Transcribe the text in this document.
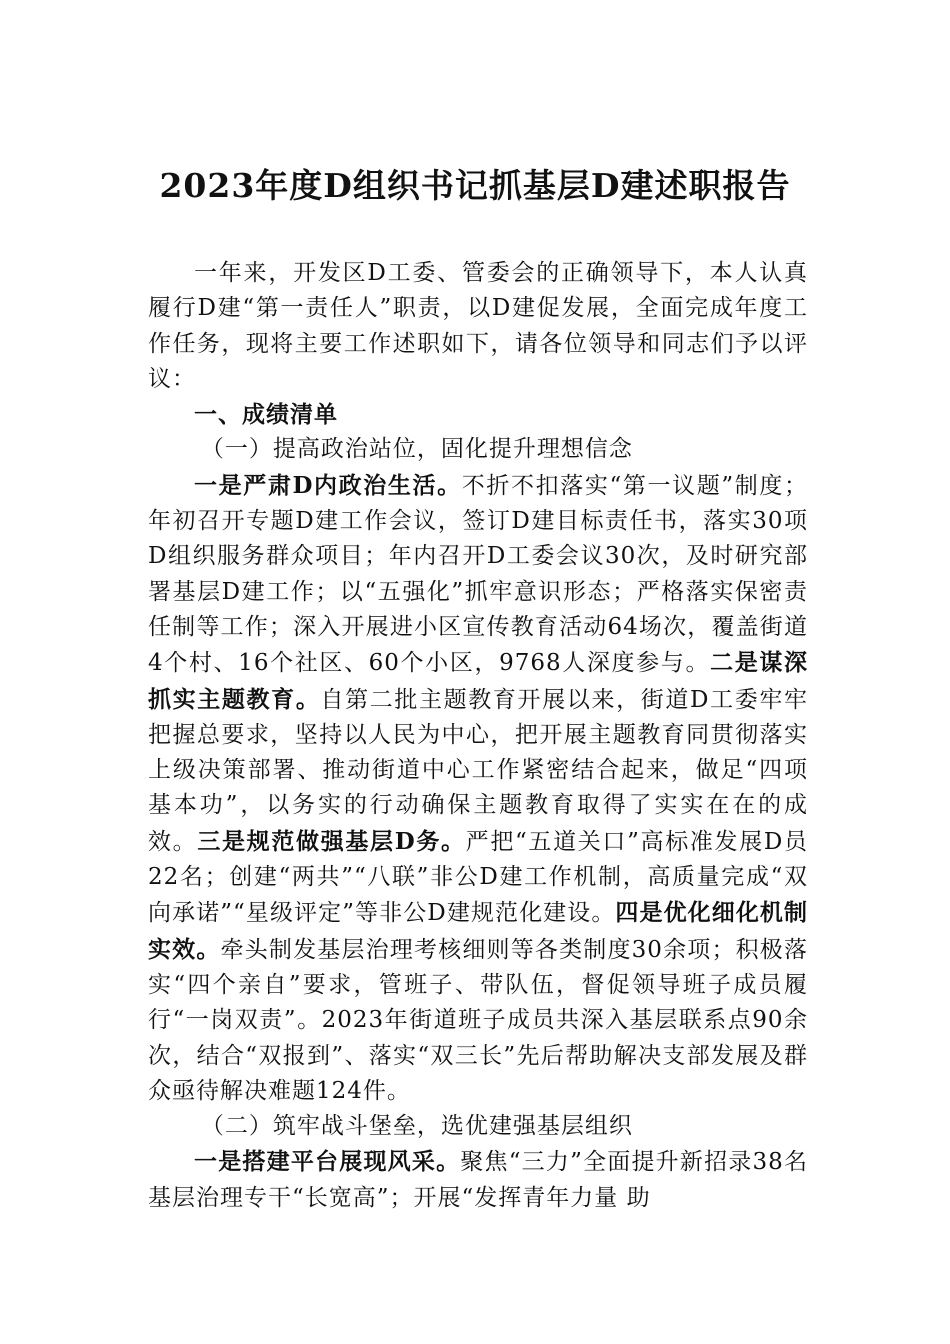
2023年度D组织书记抓基层D建述职报告

一年来，开发区D工委、管委会的正确领导下，本人认真履行D建“第一责任人”职责，以D建促发展，全面完成年度工作任务，现将主要工作述职如下，请各位领导和同志们予以评议：

一、成绩清单

（一）提高政治站位，固化提升理想信念

一是严肃D内政治生活。不折不扣落实“第一议题”制度；年初召开专题D建工作会议，签订D建目标责任书，落实30项D组织服务群众项目；年内召开D工委会议30次，及时研究部署基层D建工作；以“五强化”抓牢意识形态；严格落实保密责任制等工作；深入开展进小区宣传教育活动64场次，覆盖街道4个村、16个社区、60个小区，9768人深度参与。二是谋深抓实主题教育。自第二批主题教育开展以来，街道D工委牢牢把握总要求，坚持以人民为中心，把开展主题教育同贯彻落实上级决策部署、推动街道中心工作紧密结合起来，做足“四项基本功”，以务实的行动确保主题教育取得了实实在在的成效。三是规范做强基层D务。严把“五道关口”高标准发展D员22名；创建“两共”“八联”非公D建工作机制，高质量完成“双向承诺”“星级评定”等非公D建规范化建设。四是优化细化机制实效。牵头制发基层治理考核细则等各类制度30余项；积极落实“四个亲自”要求，管班子、带队伍，督促领导班子成员履行“一岗双责”。2023年街道班子成员共深入基层联系点90余次，结合“双报到”、落实“双三长”先后帮助解决支部发展及群众亟待解决难题124件。

（二）筑牢战斗堡垒，选优建强基层组织

一是搭建平台展现风采。聚焦“三力”全面提升新招录38名基层治理专干“长宽高”；开展“发挥青年力量 助
